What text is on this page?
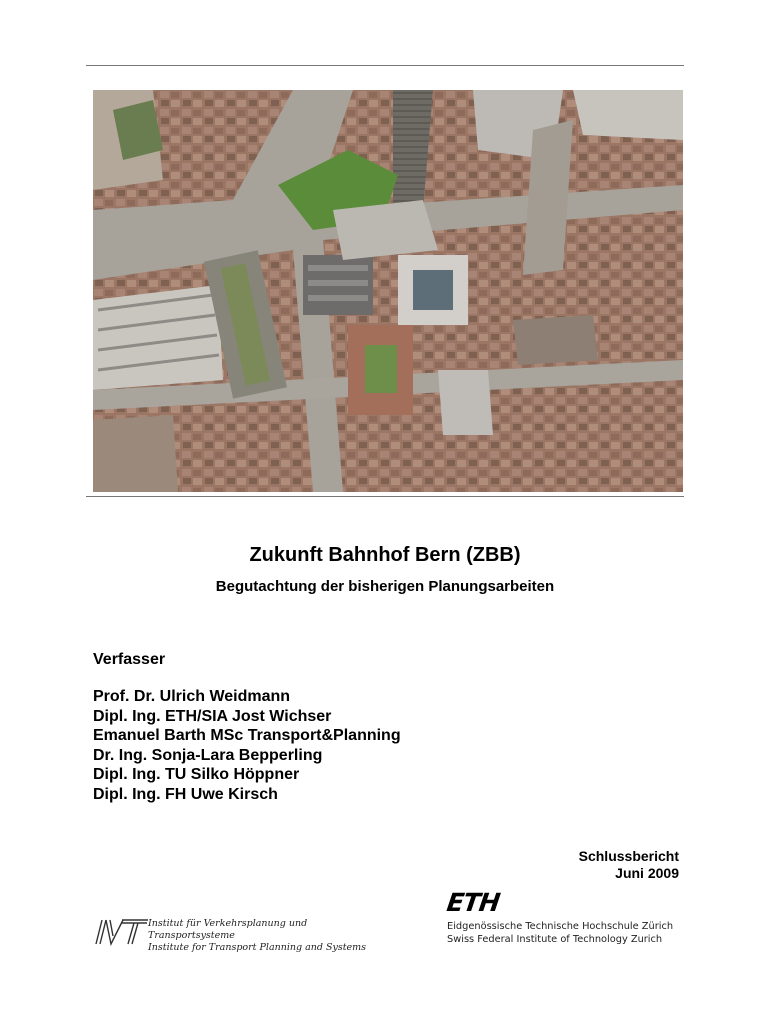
Zukunft Bahnhof Bern (ZBB)
Begutachtung der bisherigen Planungsarbeiten
Verfasser
Prof. Dr. Ulrich Weidmann
Dipl. Ing. ETH/SIA Jost Wichser
Emanuel Barth MSc Transport&Planning
Dr. Ing. Sonja-Lara Bepperling
Dipl. Ing. TU Silko Höppner
Dipl. Ing. FH Uwe Kirsch
Schlussbericht
Juni 2009
Institut für Verkehrsplanung und Transportsysteme
Institute for Transport Planning and Systems
ETH
Eidgenössische Technische Hochschule Zürich
Swiss Federal Institute of Technology Zurich
